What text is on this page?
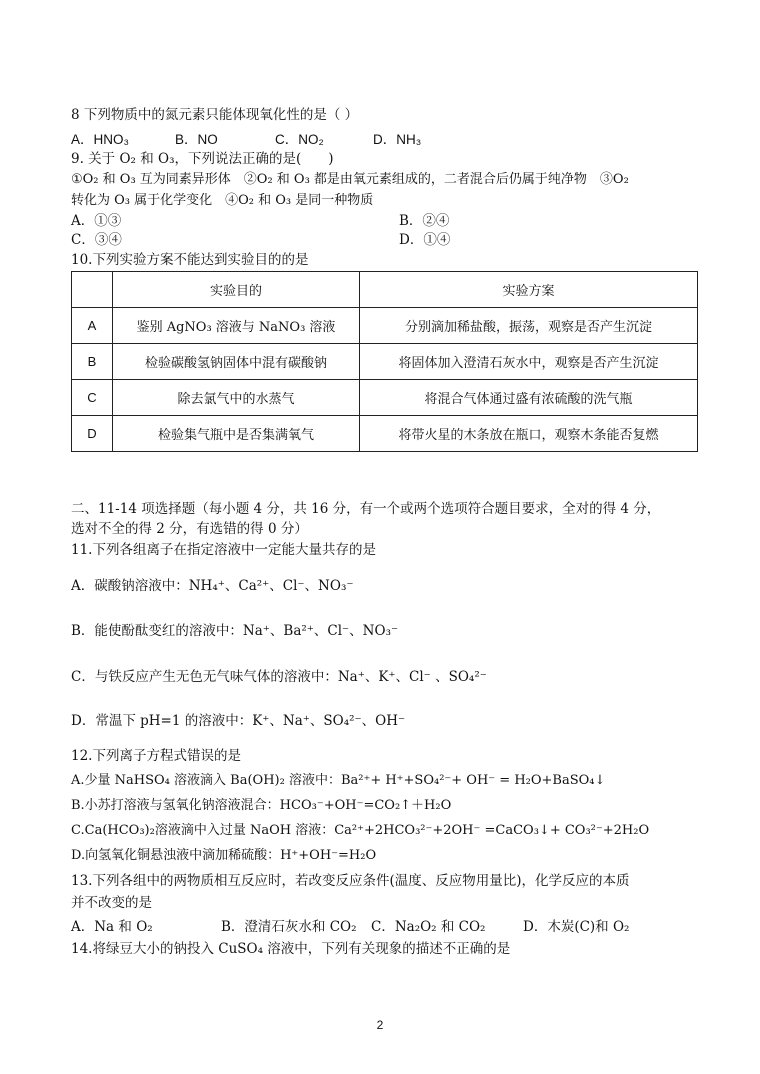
8 下列物质中的氮元素只能体现氧化性的是（ ）
A．HNO₃	B．NO	C．NO₂	D．NH₃
9. 关于 O₂ 和 O₃，下列说法正确的是(　　)
①O₂ 和 O₃ 互为同素异形体　②O₂ 和 O₃ 都是由氧元素组成的，二者混合后仍属于纯净物　③O₂
转化为 O₃ 属于化学变化　④O₂ 和 O₃ 是同一种物质
A．①③	B．②④
C．③④	D．①④
10.下列实验方案不能达到实验目的的是
	实验目的	实验方案
A	鉴别 AgNO₃ 溶液与 NaNO₃ 溶液	分别滴加稀盐酸，振荡，观察是否产生沉淀
B	检验碳酸氢钠固体中混有碳酸钠	将固体加入澄清石灰水中，观察是否产生沉淀
C	除去氯气中的水蒸气	将混合气体通过盛有浓硫酸的洗气瓶
D	检验集气瓶中是否集满氧气	将带火星的木条放在瓶口，观察木条能否复燃
二、11-14 项选择题（每小题 4 分，共 16 分，有一个或两个选项符合题目要求，全对的得 4 分，
选对不全的得 2 分，有选错的得 0 分）
11.下列各组离子在指定溶液中一定能大量共存的是
A．碳酸钠溶液中：NH₄⁺、Ca²⁺、Cl⁻、NO₃⁻
B．能使酚酞变红的溶液中：Na⁺、Ba²⁺、Cl⁻、NO₃⁻
C．与铁反应产生无色无气味气体的溶液中：Na⁺、K⁺、Cl⁻ 、SO₄²⁻
D．常温下 pH=1 的溶液中：K⁺、Na⁺、SO₄²⁻、OH⁻
12.下列离子方程式错误的是
A.少量 NaHSO₄ 溶液滴入 Ba(OH)₂ 溶液中：Ba²⁺+ H⁺+SO₄²⁻+ OH⁻ = H₂O+BaSO₄↓
B.小苏打溶液与氢氧化钠溶液混合：HCO₃⁻+OH⁻=CO₂↑＋H₂O
C.Ca(HCO₃)₂溶液滴中入过量 NaOH 溶液：Ca²⁺+2HCO₃²⁻+2OH⁻ =CaCO₃↓+ CO₃²⁻+2H₂O
D.向氢氧化铜悬浊液中滴加稀硫酸：H⁺+OH⁻=H₂O
13.下列各组中的两物质相互反应时，若改变反应条件(温度、反应物用量比)，化学反应的本质
并不改变的是
A．Na 和 O₂	B．澄清石灰水和 CO₂ C．Na₂O₂ 和 CO₂	D．木炭(C)和 O₂
14.将绿豆大小的钠投入 CuSO₄ 溶液中，下列有关现象的描述不正确的是
2
